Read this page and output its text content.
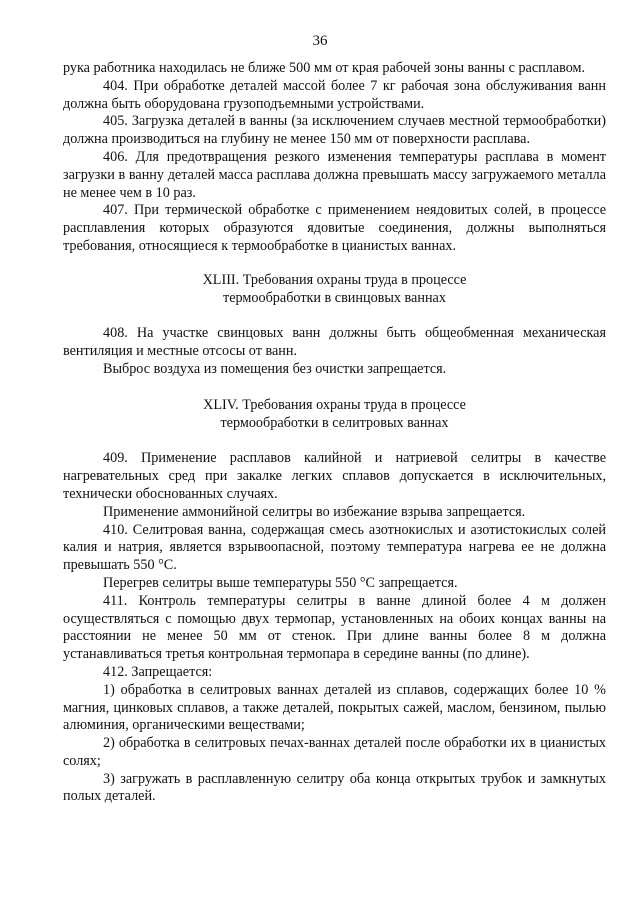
36

рука работника находилась не ближе 500 мм от края рабочей зоны ванны с расплавом.

404. При обработке деталей массой более 7 кг рабочая зона обслуживания ванн должна быть оборудована грузоподъемными устройствами.

405. Загрузка деталей в ванны (за исключением случаев местной термообработки) должна производиться на глубину не менее 150 мм от поверхности расплава.

406. Для предотвращения резкого изменения температуры расплава в момент загрузки в ванну деталей масса расплава должна превышать массу загружаемого металла не менее чем в 10 раз.

407. При термической обработке с применением неядовитых солей, в процессе расплавления которых образуются ядовитые соединения, должны выполняться требования, относящиеся к термообработке в цианистых ваннах.

XLIII. Требования охраны труда в процессе
термообработки в свинцовых ваннах

408. На участке свинцовых ванн должны быть общеобменная механическая вентиляция и местные отсосы от ванн.

Выброс воздуха из помещения без очистки запрещается.

XLIV. Требования охраны труда в процессе
термообработки в селитровых ваннах

409. Применение расплавов калийной и натриевой селитры в качестве нагревательных сред при закалке легких сплавов допускается в исключительных, технически обоснованных случаях.

Применение аммонийной селитры во избежание взрыва запрещается.

410. Селитровая ванна, содержащая смесь азотнокислых и азотистокислых солей калия и натрия, является взрывоопасной, поэтому температура нагрева ее не должна превышать 550 °С.

Перегрев селитры выше температуры 550 °С запрещается.

411. Контроль температуры селитры в ванне длиной более 4 м должен осуществляться с помощью двух термопар, установленных на обоих концах ванны на расстоянии не менее 50 мм от стенок. При длине ванны более 8 м должна устанавливаться третья контрольная термопара в середине ванны (по длине).

412. Запрещается:

1) обработка в селитровых ваннах деталей из сплавов, содержащих более 10 % магния, цинковых сплавов, а также деталей, покрытых сажей, маслом, бензином, пылью алюминия, органическими веществами;

2) обработка в селитровых печах-ваннах деталей после обработки их в цианистых солях;

3) загружать в расплавленную селитру оба конца открытых трубок и замкнутых полых деталей.
